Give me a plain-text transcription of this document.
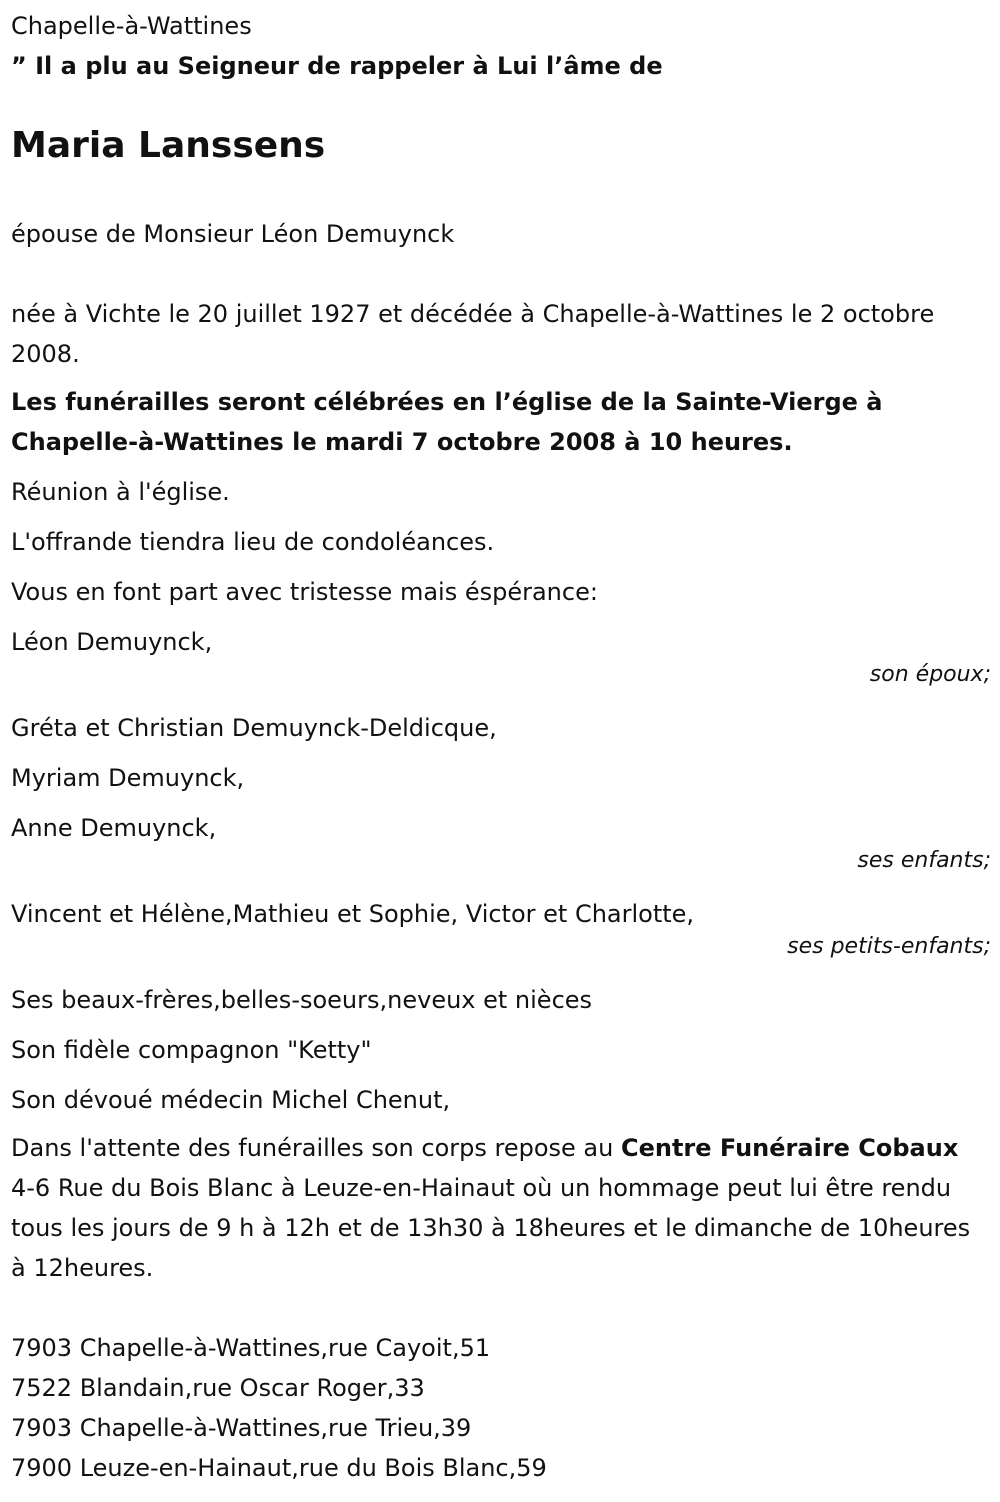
Chapelle-à-Wattines
” Il a plu au Seigneur de rappeler à Lui l’âme de
Maria Lanssens
épouse de Monsieur Léon Demuynck
née à Vichte le 20 juillet 1927 et décédée à Chapelle-à-Wattines le 2 octobre 2008.
Les funérailles seront célébrées en l’église de la Sainte-Vierge à Chapelle-à-Wattines le mardi 7 octobre 2008 à 10 heures.
Réunion à l'église.
L'offrande tiendra lieu de condoléances.
Vous en font part avec tristesse mais éspérance:
Léon Demuynck,
son époux;
Gréta et Christian Demuynck-Deldicque,
Myriam Demuynck,
Anne Demuynck,
ses enfants;
Vincent et Hélène,Mathieu et Sophie, Victor et Charlotte,
ses petits-enfants;
Ses beaux-frères,belles-soeurs,neveux et nièces
Son fidèle compagnon "Ketty"
Son dévoué médecin Michel Chenut,
Dans l'attente des funérailles son corps repose au Centre Funéraire Cobaux 4-6 Rue du Bois Blanc à Leuze-en-Hainaut où un hommage peut lui être rendu tous les jours de 9 h à 12h et de 13h30 à 18heures et le dimanche de 10heures à 12heures.
7903 Chapelle-à-Wattines,rue Cayoit,51
7522 Blandain,rue Oscar Roger,33
7903 Chapelle-à-Wattines,rue Trieu,39
7900 Leuze-en-Hainaut,rue du Bois Blanc,59
